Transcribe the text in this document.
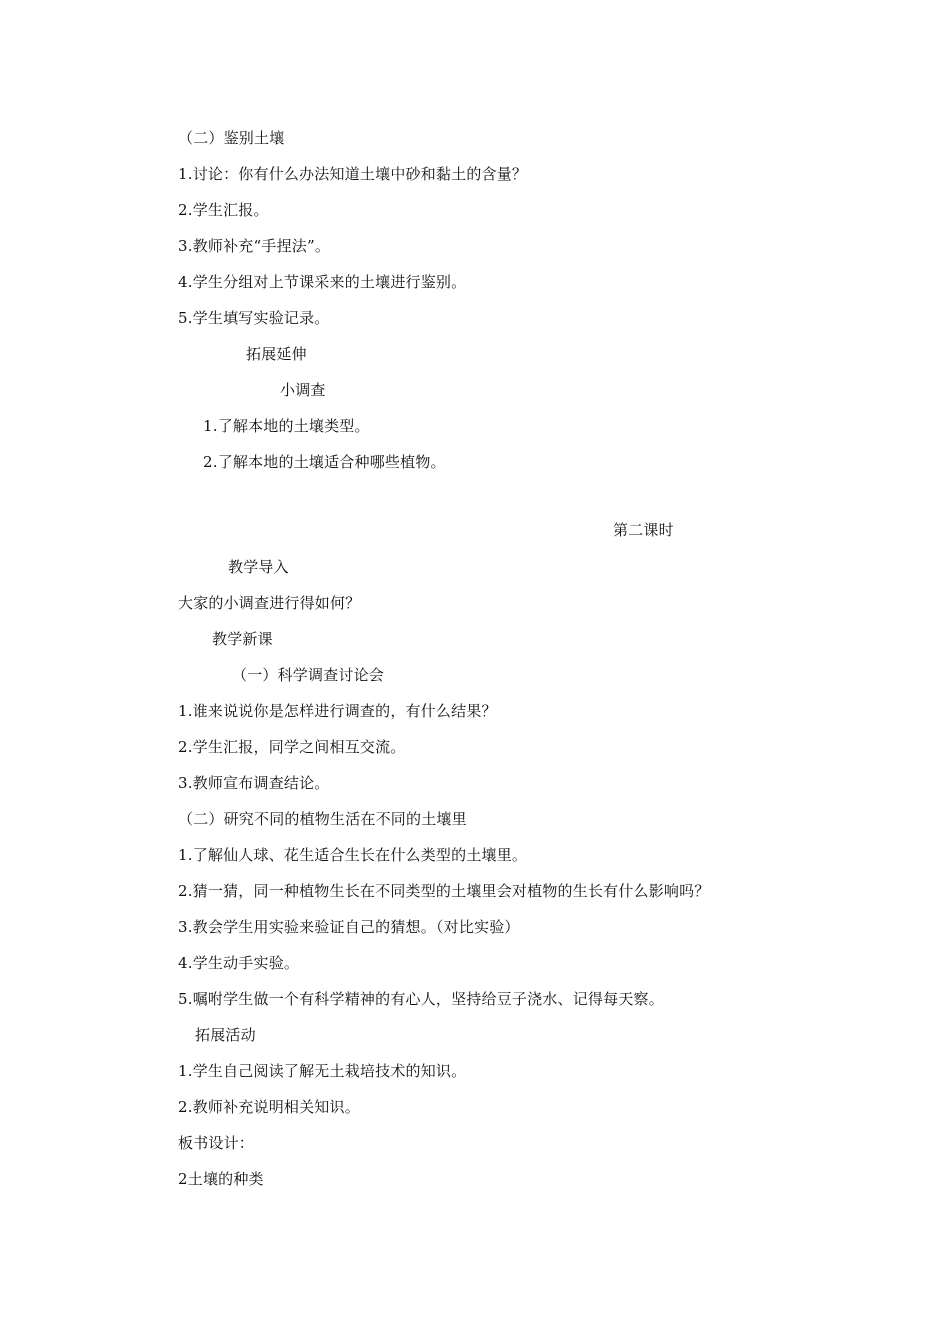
（二）鉴别土壤
1.讨论：你有什么办法知道土壤中砂和黏土的含量？
2.学生汇报。
3.教师补充“手捏法”。
4.学生分组对上节课采来的土壤进行鉴别。
5.学生填写实验记录。
拓展延伸
小调查
1.了解本地的土壤类型。
2.了解本地的土壤适合种哪些植物。
第二课时
教学导入
大家的小调查进行得如何？
教学新课
（一）科学调查讨论会
1.谁来说说你是怎样进行调查的，有什么结果？
2.学生汇报，同学之间相互交流。
3.教师宣布调查结论。
（二）研究不同的植物生活在不同的土壤里
1.了解仙人球、花生适合生长在什么类型的土壤里。
2.猜一猜，同一种植物生长在不同类型的土壤里会对植物的生长有什么影响吗？
3.教会学生用实验来验证自己的猜想。（对比实验）
4.学生动手实验。
5.嘱咐学生做一个有科学精神的有心人，坚持给豆子浇水、记得每天察。
拓展活动
1.学生自己阅读了解无土栽培技术的知识。
2.教师补充说明相关知识。
板书设计：
2土壤的种类
